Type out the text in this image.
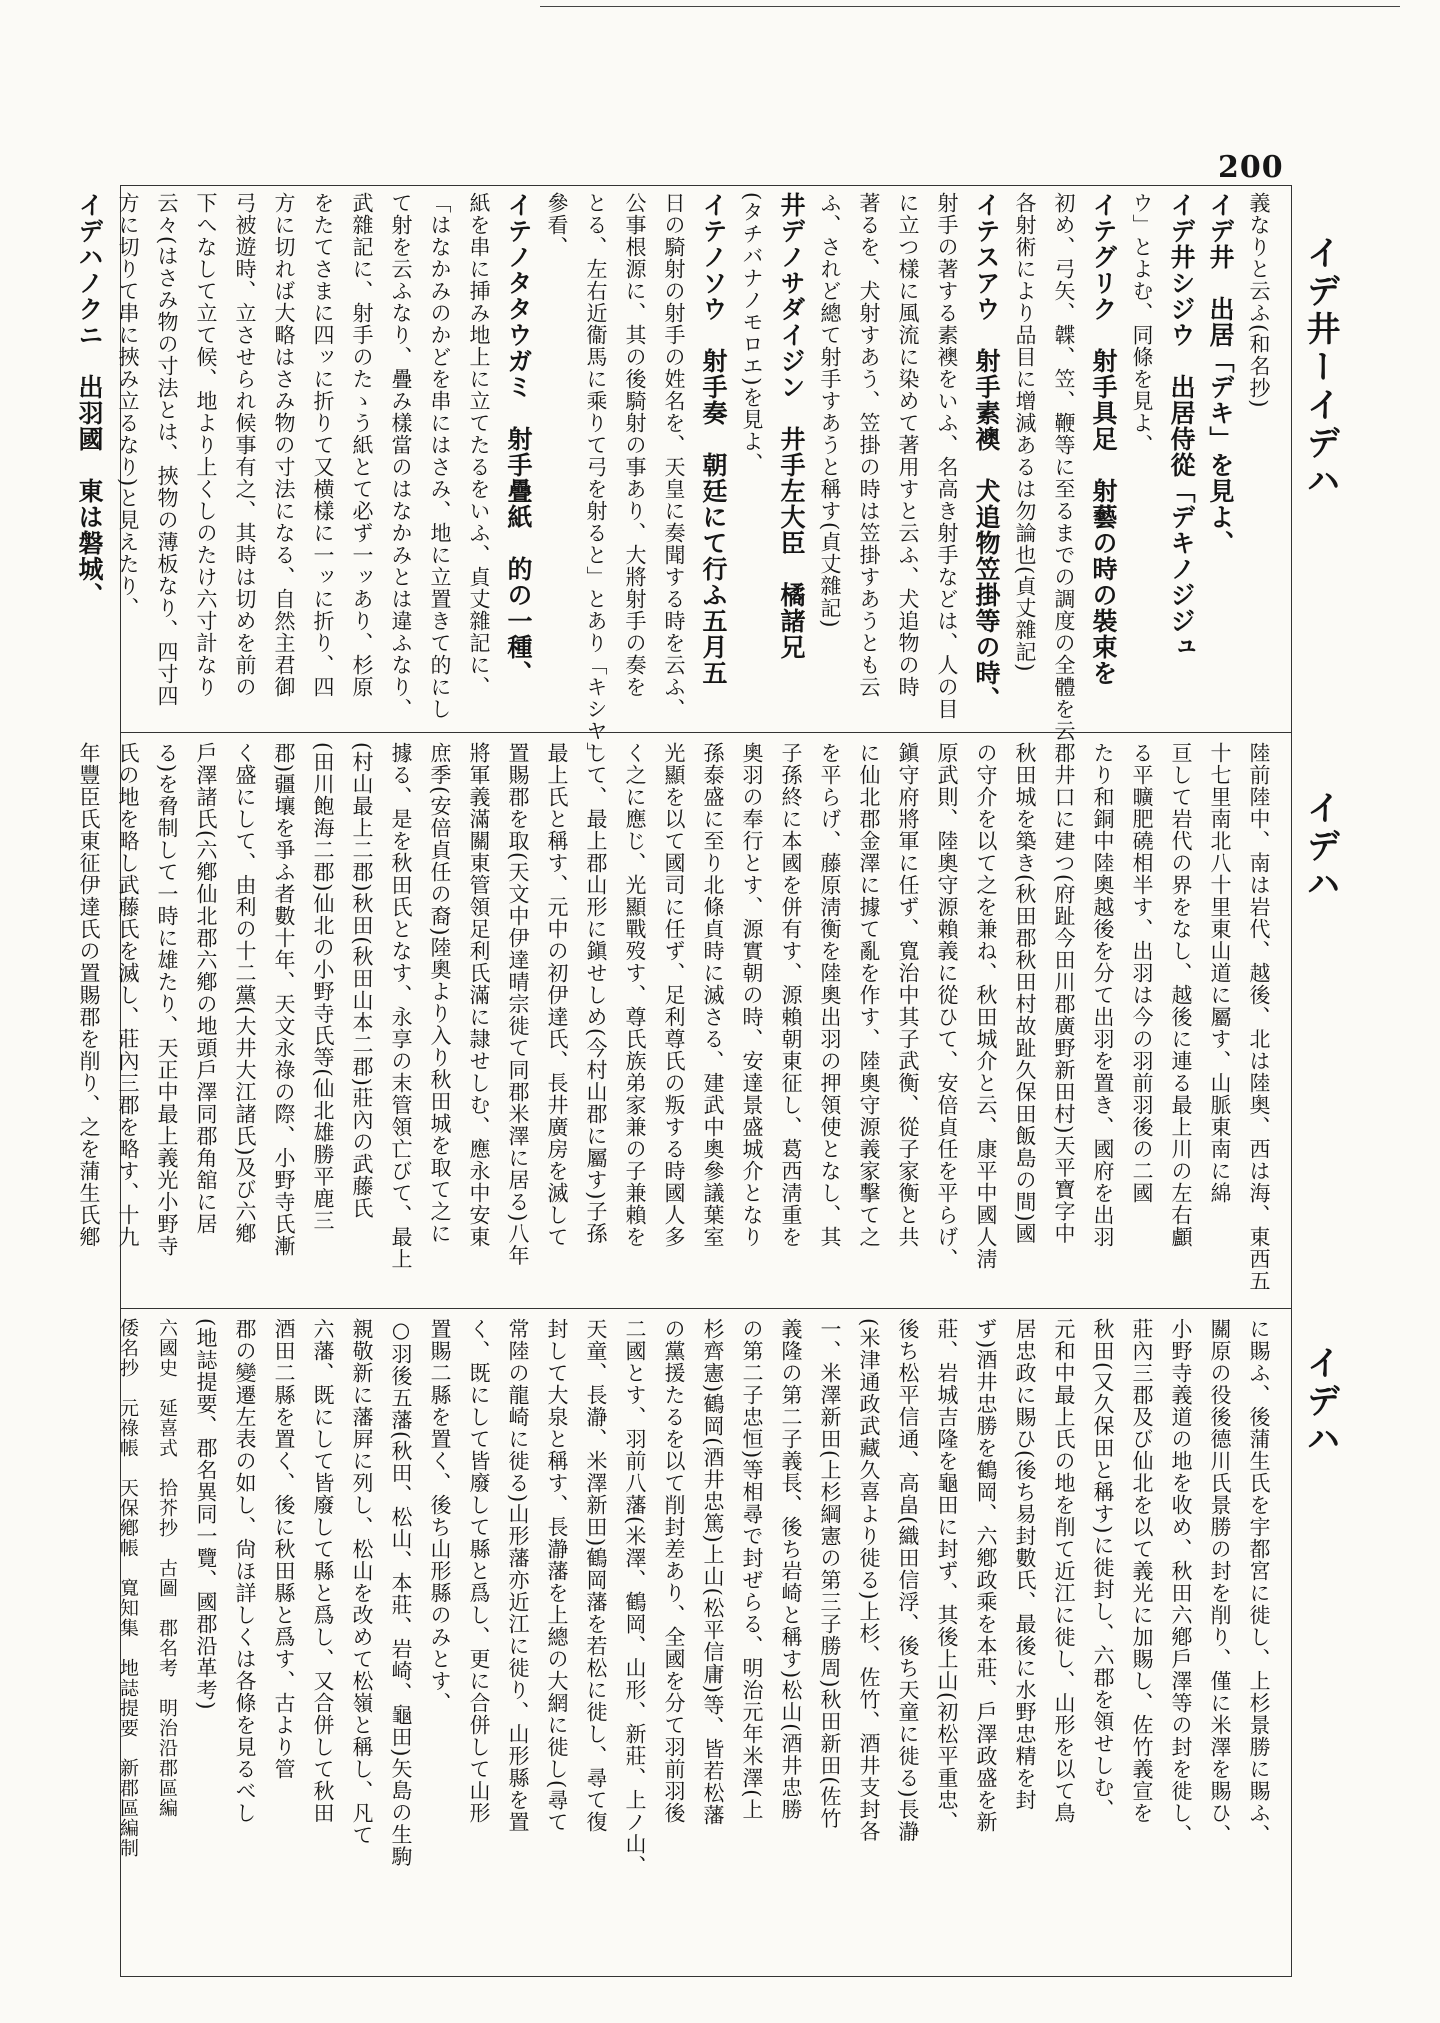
200
イデ井ーイデハ
イデハ
イデハ
義なりと云ふ(和名抄)
イデ井　出居「デキ」を見よ、
イデ井シジウ　出居侍從「デキノジジュ
ウ」とよむ、同條を見よ、
イテグリク　射手具足　射藝の時の裝束を
初め、弓矢、韘、笠、鞭等に至るまでの調度の全體を云
各射術により品目に增減あるは勿論也(貞丈雜記)
イテスアウ　射手素襖　犬追物笠掛等の時、
射手の著する素襖をいふ、名高き射手などは、人の目
に立つ樣に風流に染めて著用すと云ふ、犬追物の時
著るを、犬射すあう、笠掛の時は笠掛すあうとも云
ふ、されど總て射手すあうと稱す(貞丈雜記)
井デノサダイジン　井手左大臣　橘諸兄
(タチバナノモロエ)を見よ、
イテノソウ　射手奏　朝廷にて行ふ五月五
日の騎射の射手の姓名を、天皇に奏聞する時を云ふ、
公事根源に、其の後騎射の事あり、大將射手の奏を
とる、左右近衞馬に乘りて弓を射ると」とあり「キシヤ」
參看、
イテノタタウガミ　射手疊紙　的の一種、
紙を串に挿み地上に立てたるをいふ、貞丈雜記に、
「はなかみのかどを串にはさみ、地に立置きて的にし
て射を云ふなり、疊み樣當のはなかみとは違ふなり、
武雜記に、射手のたゝう紙とて必ず一ッあり、杉原
をたてさまに四ッに折りて又横樣に一ッに折り、四
方に切れば大略はさみ物の寸法になる、自然主君御
弓被遊時、立させられ候事有之、其時は切めを前の
下へなして立て候、地より上くしのたけ六寸計なり
云々(はさみ物の寸法とは、挾物の薄板なり、四寸四
方に切りて串に挾み立るなり)と見えたり、
イデハノクニ　出羽國　東は磐城、
陸前陸中、南は岩代、越後、北は陸奥、西は海、東西五
十七里南北八十里東山道に屬す、山脈東南に綿
亘して岩代の界をなし、越後に連る最上川の左右顱
る平曠肥磽相半す、出羽は今の羽前羽後の二國
たり和銅中陸奧越後を分て出羽を置き、國府を出羽
郡井口に建つ(府趾今田川郡廣野新田村)天平寶字中
秋田城を築き(秋田郡秋田村故趾久保田飯島の間)國
の守介を以て之を兼ね、秋田城介と云、康平中國人淸
原武則、陸奧守源賴義に從ひて、安倍貞任を平らげ、
鎭守府將軍に任ず、寬治中其子武衡、從子家衡と共
に仙北郡金澤に據て亂を作す、陸奧守源義家擊て之
を平らげ、藤原淸衡を陸奧出羽の押領使となし、其
子孫終に本國を併有す、源賴朝東征し、葛西淸重を
奧羽の奉行とす、源實朝の時、安達景盛城介となり
孫泰盛に至り北條貞時に滅さる、建武中奧參議葉室
光顯を以て國司に任ず、足利尊氏の叛する時國人多
く之に應じ、光顯戰歿す、尊氏族弟家兼の子兼賴を
して、最上郡山形に鎭せしめ(今村山郡に屬す)子孫
最上氏と稱す、元中の初伊達氏、長井廣房を滅して
置賜郡を取(天文中伊達晴宗徙て同郡米澤に居る)八年
將軍義滿關東管領足利氏滿に隷せしむ、應永中安東
庶季(安倍貞任の裔)陸奧より入り秋田城を取て之に
據る、是を秋田氏となす、永享の末管領亡びて、最上
(村山最上二郡)秋田(秋田山本二郡)莊內の武藤氏
(田川飽海二郡)仙北の小野寺氏等(仙北雄勝平鹿三
郡)疆壤を爭ふ者數十年、天文永祿の際、小野寺氏漸
く盛にして、由利の十二黨(大井大江諸氏)及び六鄕
戶澤諸氏(六鄕仙北郡六鄕の地頭戶澤同郡角舘に居
る)を脅制して一時に雄たり、天正中最上義光小野寺
氏の地を略し武藤氏を滅し、莊內三郡を略す、十九
年豐臣氏東征伊達氏の置賜郡を削り、之を蒲生氏鄕
に賜ふ、後蒲生氏を宇都宮に徙し、上杉景勝に賜ふ、
關原の役後德川氏景勝の封を削り、僅に米澤を賜ひ、
小野寺義道の地を收め、秋田六鄕戶澤等の封を徙し、
莊內三郡及び仙北を以て義光に加賜し、佐竹義宣を
秋田(又久保田と稱す)に徙封し、六郡を領せしむ、
元和中最上氏の地を削て近江に徙し、山形を以て鳥
居忠政に賜ひ(後ち易封數氏、最後に水野忠精を封
ず)酒井忠勝を鶴岡、六鄕政乘を本莊、戶澤政盛を新
莊、岩城吉隆を龜田に封ず、其後上山(初松平重忠、
後ち松平信通、高畠(織田信浮、後ち天童に徙る)長瀞
(米津通政武藏久喜より徙る)上杉、佐竹、酒井支封各
一、米澤新田(上杉綱憲の第三子勝周)秋田新田(佐竹
義隆の第二子義長、後ち岩崎と稱す)松山(酒井忠勝
の第二子忠恒)等相尋で封ぜらる、明治元年米澤(上
杉齊憲)鶴岡(酒井忠篤)上山(松平信庸)等、皆若松藩
の黨援たるを以て削封差あり、全國を分て羽前羽後
二國とす、羽前八藩(米澤、鶴岡、山形、新莊、上ノ山、
天童、長瀞、米澤新田)鶴岡藩を若松に徙し、尋て復
封して大泉と稱す、長瀞藩を上總の大網に徙し(尋て
常陸の龍崎に徙る)山形藩亦近江に徙り、山形縣を置
く、既にして皆廢して縣と爲し、更に合併して山形
置賜二縣を置く、後ち山形縣のみとす、
○羽後五藩(秋田、松山、本莊、岩崎、龜田)矢島の生駒
親敬新に藩屛に列し、松山を改めて松嶺と稱し、凡て
六藩、既にして皆廢して縣と爲し、又合併して秋田
酒田二縣を置く、後に秋田縣と爲す、古より管
郡の變遷左表の如し、尙ほ詳しくは各條を見るべし
(地誌提要、郡名異同一覽、國郡沿革考)
六國史　延喜式　拾芥抄　古圖　郡名考　明治沿郡區編
倭名抄　元祿帳　天保鄕帳　寬知集　地誌提要　新郡區編制
